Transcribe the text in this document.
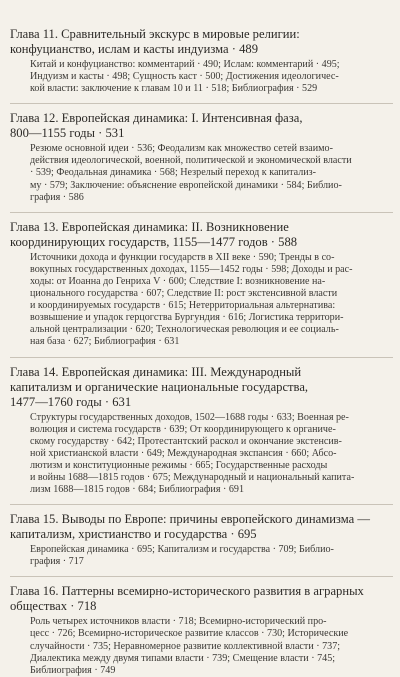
Глава 11. Сравнительный экскурс в мировые религии:
конфуцианство, ислам и касты индуизма · 489
Китай и конфуцианство: комментарий · 490; Ислам: комментарий · 495;
Индуизм и касты · 498; Сущность каст · 500; Достижения идеологичес-
кой власти: заключение к главам 10 и 11 · 518; Библиография · 529
Глава 12. Европейская динамика: I. Интенсивная фаза,
800—1155 годы · 531
Резюме основной идеи · 536; Феодализм как множество сетей взаимо-
действия идеологической, военной, политической и экономической власти
· 539; Феодальная динамика · 568; Незрелый переход к капитализ-
му · 579; Заключение: объяснение европейской динамики · 584; Библио-
графия · 586
Глава 13. Европейская динамика: II. Возникновение
координирующих государств, 1155—1477 годов · 588
Источники дохода и функции государств в XII веке · 590; Тренды в со-
вокупных государственных доходах, 1155—1452 годы · 598; Доходы и рас-
ходы: от Иоанна до Генриха V · 600; Следствие I: возникновение на-
ционального государства · 607; Следствие II: рост экстенсивной власти
и координируемых государств · 615; Нетерриториальная альтернатива:
возвышение и упадок герцогства Бургундия · 616; Логистика территори-
альной централизации · 620; Технологическая революция и ее социаль-
ная база · 627; Библиография · 631
Глава 14. Европейская динамика: III. Международный
капитализм и органические национальные государства,
1477—1760 годы · 631
Структуры государственных доходов, 1502—1688 годы · 633; Военная ре-
волюция и система государств · 639; От координирующего к органиче-
скому государству · 642; Протестантский раскол и окончание экстенсив-
ной христианской власти · 649; Международная экспансия · 660; Абсо-
лютизм и конституционные режимы · 665; Государственные расходы
и войны 1688—1815 годов · 675; Международный и национальный капита-
лизм 1688—1815 годов · 684; Библиография · 691
Глава 15. Выводы по Европе: причины европейского динамизма —
капитализм, христианство и государства · 695
Европейская динамика · 695; Капитализм и государства · 709; Библио-
графия · 717
Глава 16. Паттерны всемирно-исторического развития в аграрных
обществах · 718
Роль четырех источников власти · 718; Всемирно-исторический про-
цесс · 726; Всемирно-историческое развитие классов · 730; Исторические
случайности · 735; Неравномерное развитие коллективной власти · 737;
Диалектика между двумя типами власти · 739; Смещение власти · 745;
Библиография · 749
